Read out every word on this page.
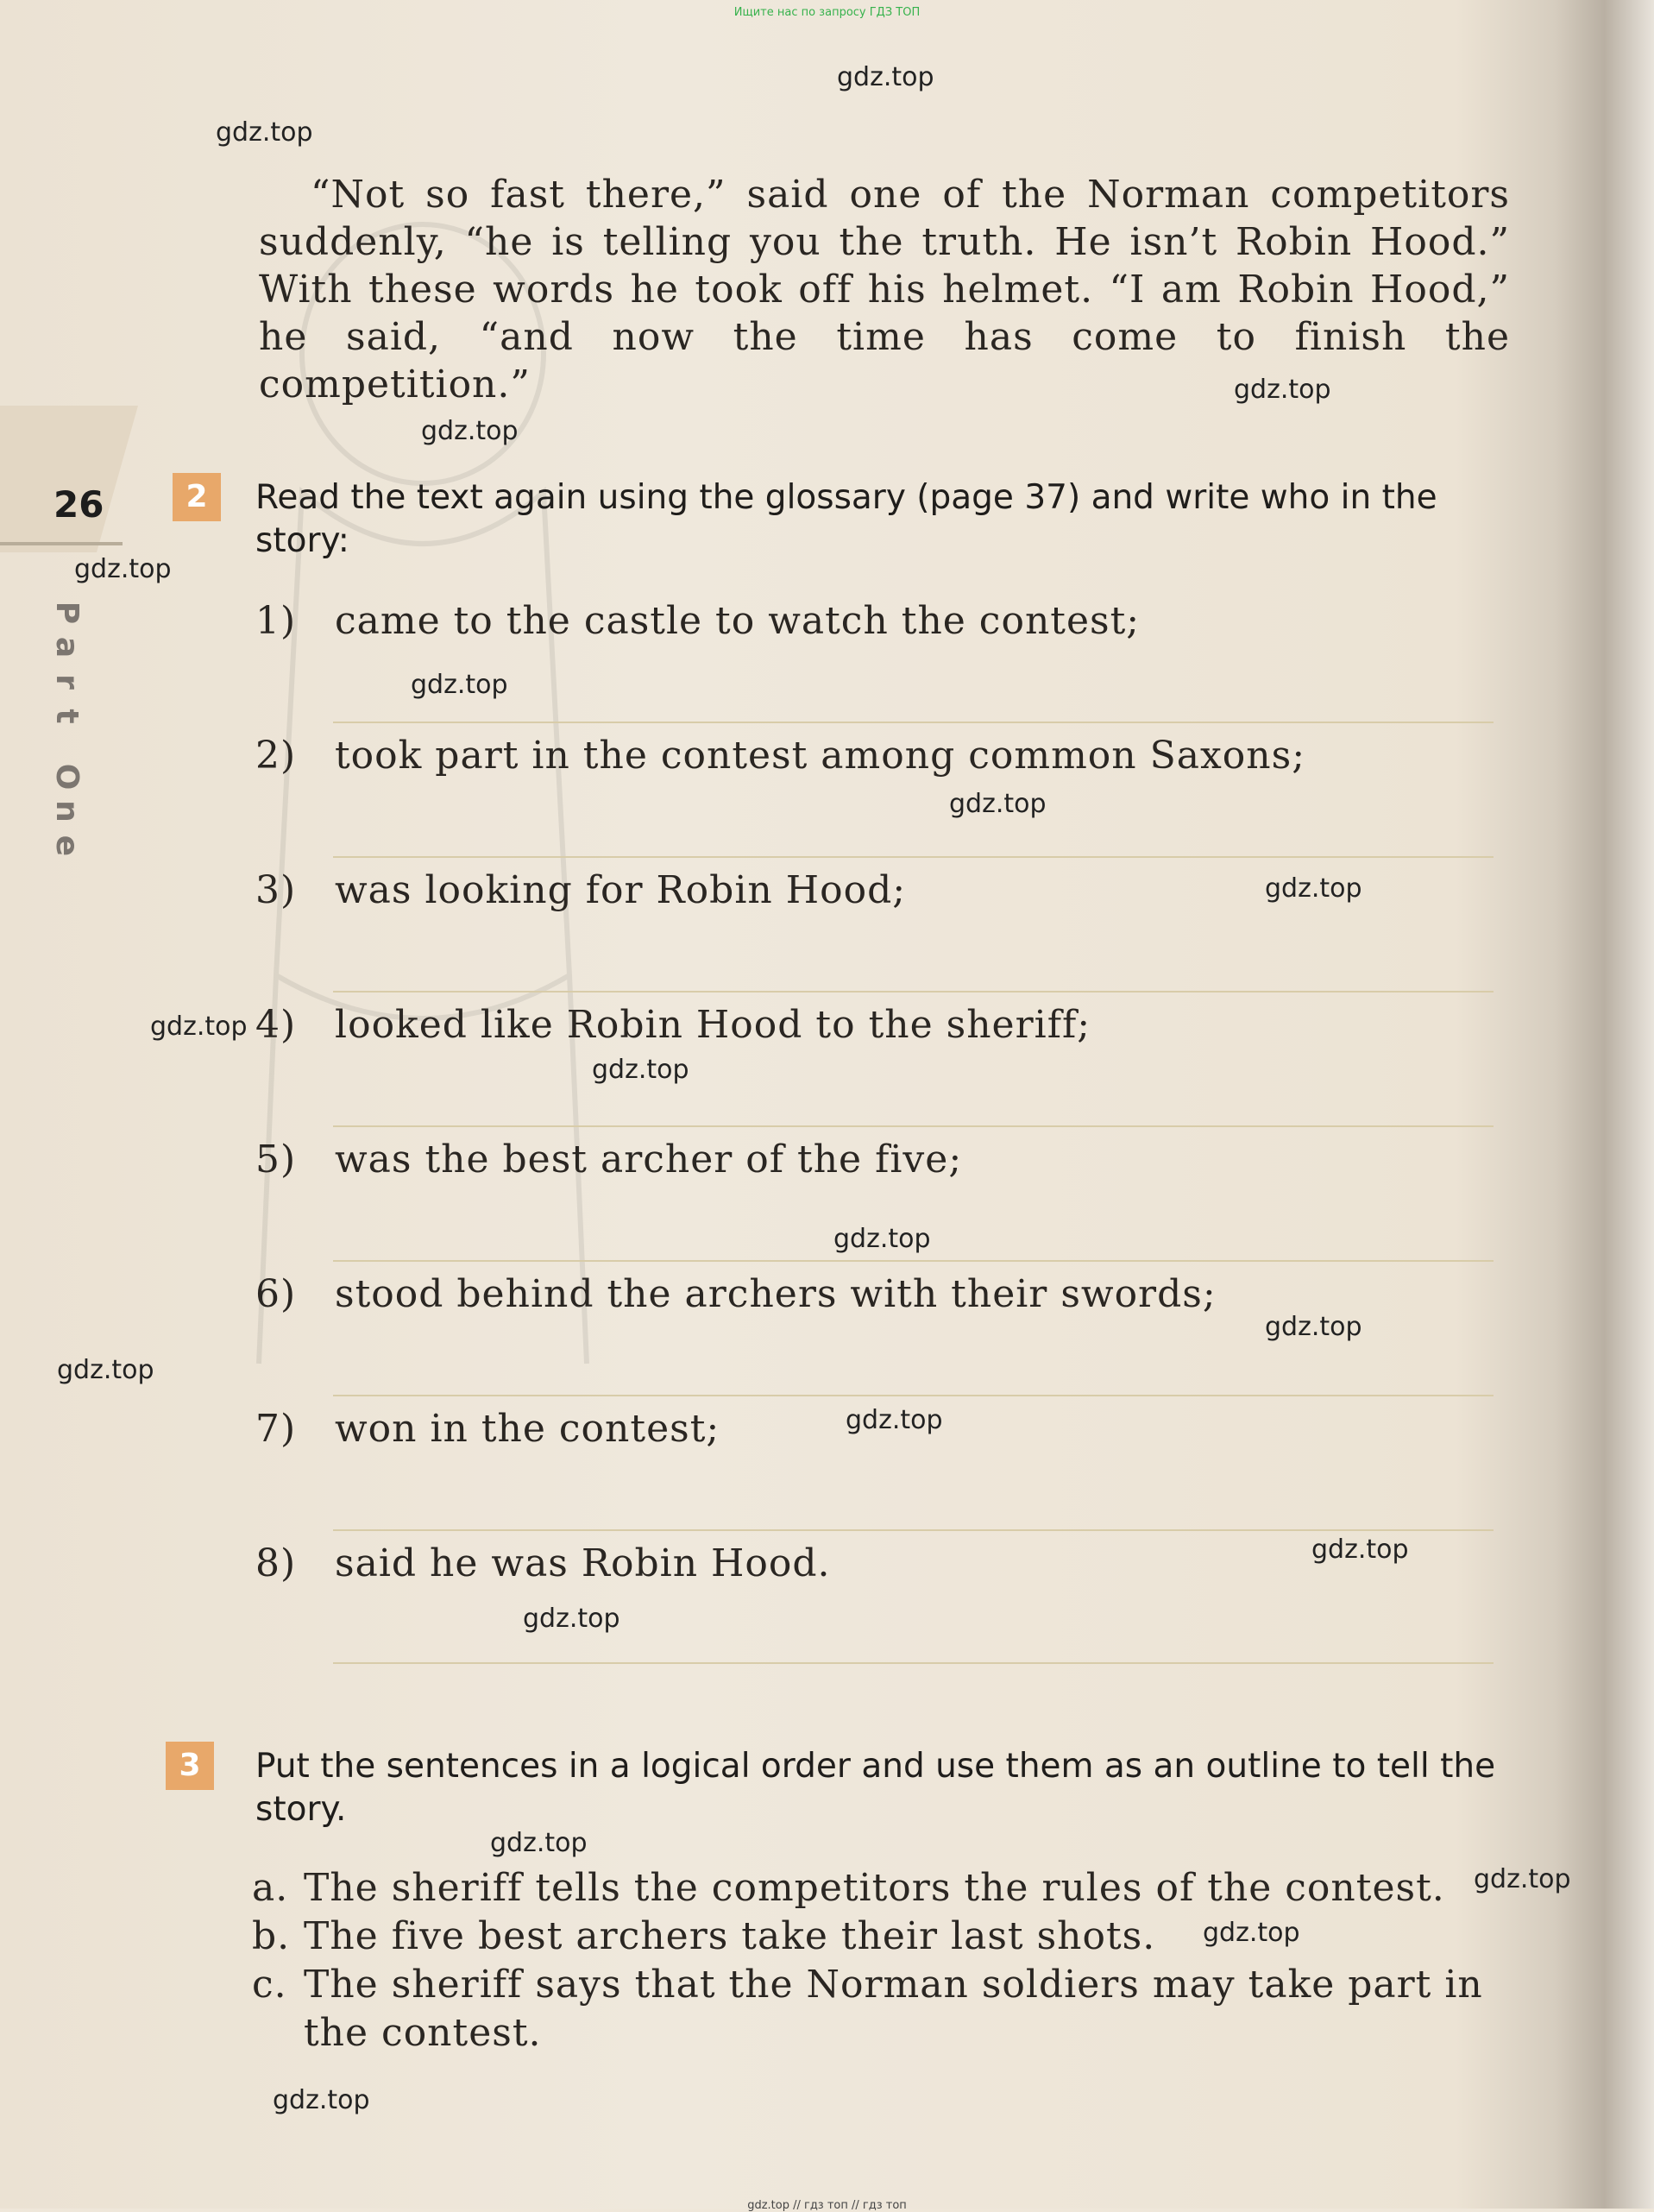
Ищите нас по запросу ГДЗ ТОП
gdz.top
gdz.top
gdz.top
gdz.top
gdz.top
gdz.top
gdz.top
gdz.top
gdz.top
gdz.top
gdz.top
gdz.top
gdz.top
gdz.top
gdz.top
gdz.top
gdz.top
gdz.top
gdz.top
gdz.top

“Not so fast there,” said one of the Norman competitors suddenly, “he is telling you the truth. He isn’t Robin Hood.” With these words he took off his helmet. “I am Robin Hood,” he said, “and now the time has come to finish the competition.”

26
P
a
r
t
O
n
e
2	Read the text again using the glossary (page 37) and write who in the story:
1) came to the castle to watch the contest;
2) took part in the contest among common Saxons;
3) was looking for Robin Hood;
4) looked like Robin Hood to the sheriff;
5) was the best archer of the five;
6) stood behind the archers with their swords;
7) won in the contest;
8) said he was Robin Hood.
3	Put the sentences in a logical order and use them as an outline to tell the story.
a. The sheriff tells the competitors the rules of the contest.
b. The five best archers take their last shots.
c. The sheriff says that the Norman soldiers may take part in the contest.
gdz.top // гдз топ // гдз топ
